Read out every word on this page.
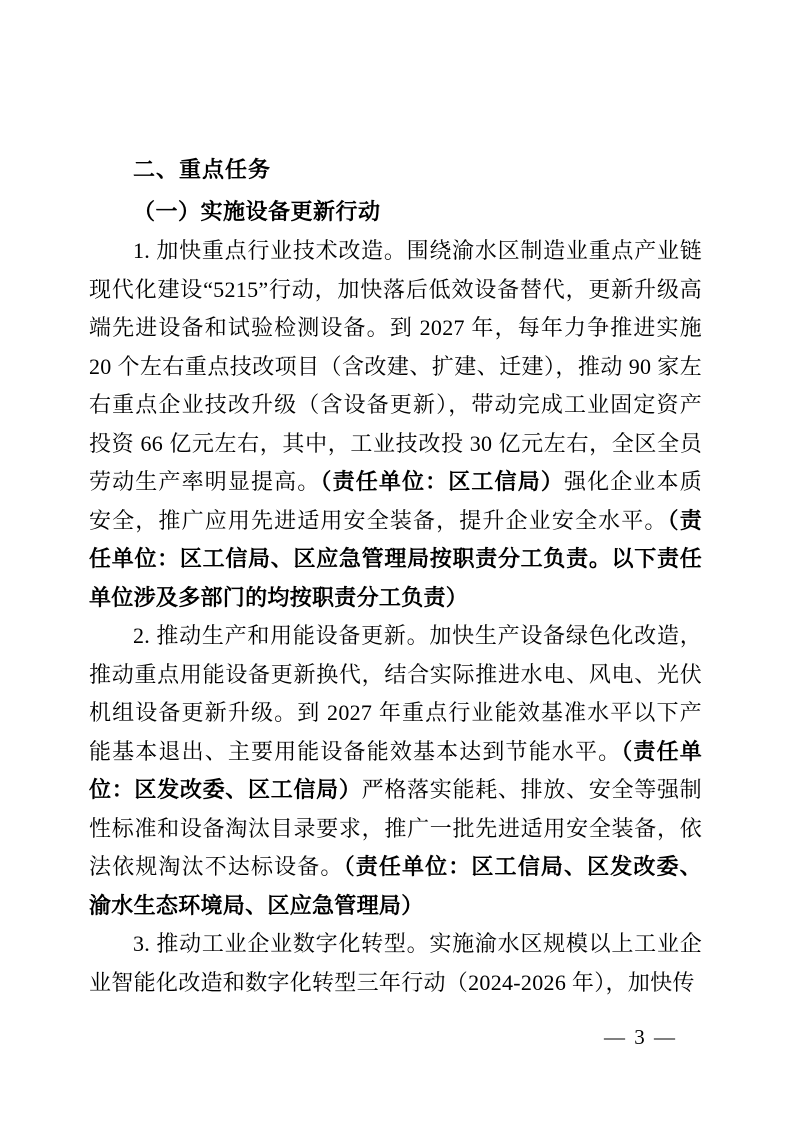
二、重点任务
（一）实施设备更新行动

1. 加快重点行业技术改造。围绕渝水区制造业重点产业链现代化建设“5215”行动，加快落后低效设备替代，更新升级高端先进设备和试验检测设备。到 2027 年，每年力争推进实施 20 个左右重点技改项目（含改建、扩建、迁建），推动 90 家左右重点企业技改升级（含设备更新），带动完成工业固定资产投资 66 亿元左右，其中，工业技改投 30 亿元左右，全区全员劳动生产率明显提高。（责任单位：区工信局）强化企业本质安全，推广应用先进适用安全装备，提升企业安全水平。（责任单位：区工信局、区应急管理局按职责分工负责。以下责任单位涉及多部门的均按职责分工负责）

2. 推动生产和用能设备更新。加快生产设备绿色化改造，推动重点用能设备更新换代，结合实际推进水电、风电、光伏机组设备更新升级。到 2027 年重点行业能效基准水平以下产能基本退出、主要用能设备能效基本达到节能水平。（责任单位：区发改委、区工信局）严格落实能耗、排放、安全等强制性标准和设备淘汰目录要求，推广一批先进适用安全装备，依法依规淘汰不达标设备。（责任单位：区工信局、区发改委、渝水生态环境局、区应急管理局）

3. 推动工业企业数字化转型。实施渝水区规模以上工业企业智能化改造和数字化转型三年行动（2024-2026 年），加快传

— 3 —
